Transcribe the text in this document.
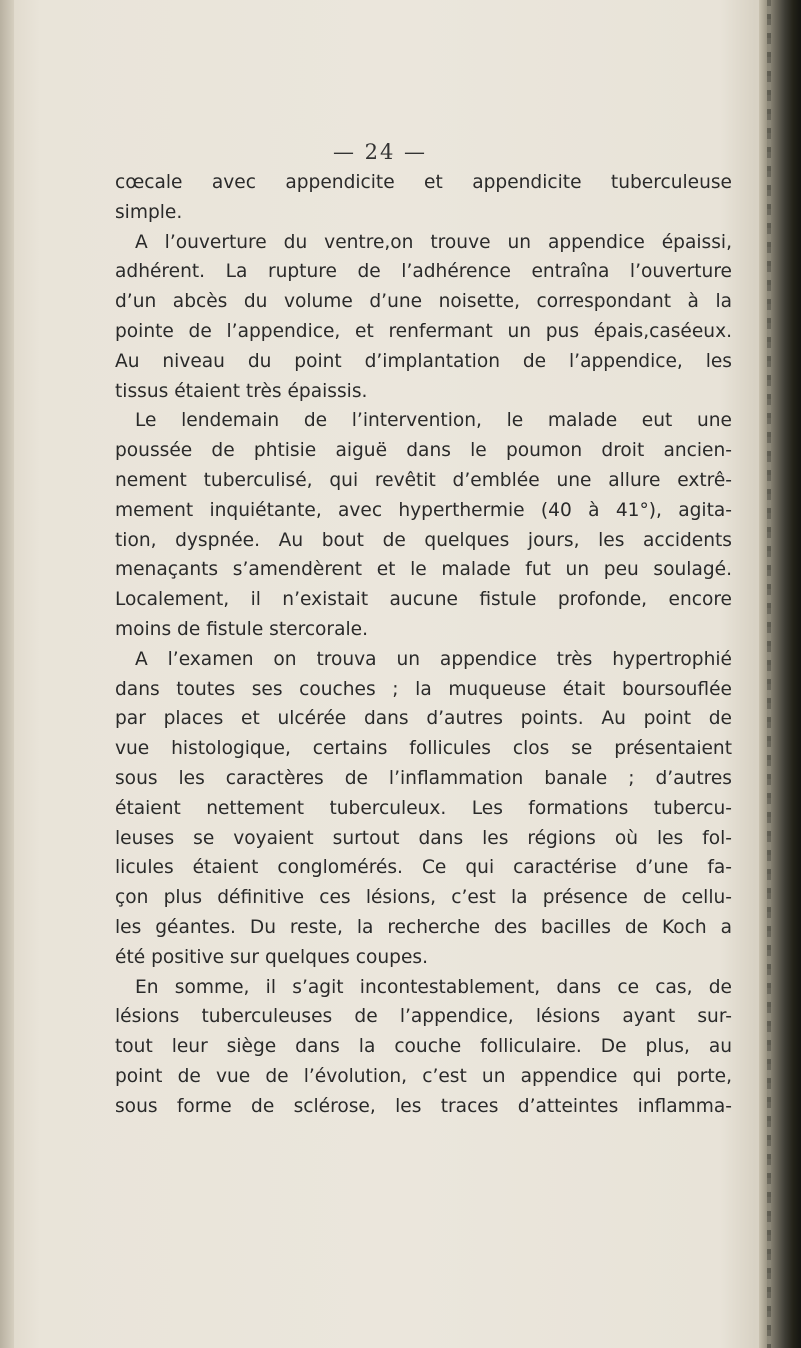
— 24 —
cœcale avec appendicite et appendicite tuberculeuse
simple.
A l’ouverture du ventre,on trouve un appendice épaissi,
adhérent. La rupture de l’adhérence entraîna l’ouverture
d’un abcès du volume d’une noisette, correspondant à la
pointe de l’appendice, et renfermant un pus épais,caséeux.
Au niveau du point d’implantation de l’appendice, les
tissus étaient très épaissis.
Le lendemain de l’intervention, le malade eut une
poussée de phtisie aiguë dans le poumon droit ancien-
nement tuberculisé, qui revêtit d’emblée une allure extrê-
mement inquiétante, avec hyperthermie (40 à 41°), agita-
tion, dyspnée. Au bout de quelques jours, les accidents
menaçants s’amendèrent et le malade fut un peu soulagé.
Localement, il n’existait aucune fistule profonde, encore
moins de fistule stercorale.
A l’examen on trouva un appendice très hypertrophié
dans toutes ses couches ; la muqueuse était boursouflée
par places et ulcérée dans d’autres points. Au point de
vue histologique, certains follicules clos se présentaient
sous les caractères de l’inflammation banale ; d’autres
étaient nettement tuberculeux. Les formations tubercu-
leuses se voyaient surtout dans les régions où les fol-
licules étaient conglomérés. Ce qui caractérise d’une fa-
çon plus définitive ces lésions, c’est la présence de cellu-
les géantes. Du reste, la recherche des bacilles de Koch a
été positive sur quelques coupes.
En somme, il s’agit incontestablement, dans ce cas, de
lésions tuberculeuses de l’appendice, lésions ayant sur-
tout leur siège dans la couche folliculaire. De plus, au
point de vue de l’évolution, c’est un appendice qui porte,
sous forme de sclérose, les traces d’atteintes inflamma-
